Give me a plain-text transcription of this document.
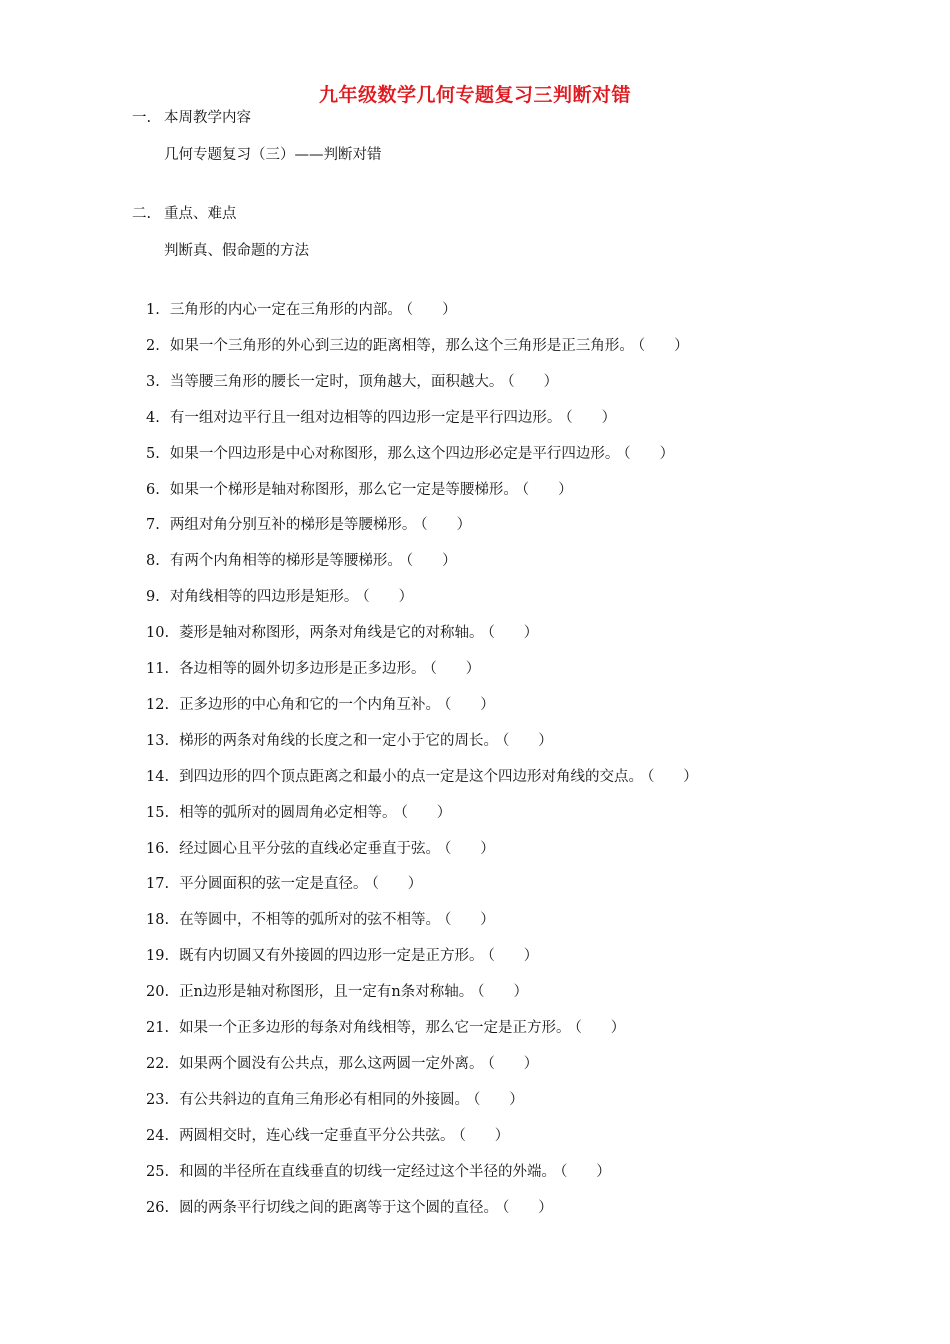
九年级数学几何专题复习三判断对错
一. 本周教学内容
几何专题复习（三）——判断对错
二. 重点、难点
判断真、假命题的方法
1. 三角形的内心一定在三角形的内部。 （　　）
2. 如果一个三角形的外心到三边的距离相等，那么这个三角形是正三角形。 （　　）
3. 当等腰三角形的腰长一定时，顶角越大，面积越大。 （　　）
4. 有一组对边平行且一组对边相等的四边形一定是平行四边形。 （　　）
5. 如果一个四边形是中心对称图形，那么这个四边形必定是平行四边形。 （　　）
6. 如果一个梯形是轴对称图形，那么它一定是等腰梯形。 （　　）
7. 两组对角分别互补的梯形是等腰梯形。 （　　）
8. 有两个内角相等的梯形是等腰梯形。 （　　）
9. 对角线相等的四边形是矩形。 （　　）
10. 菱形是轴对称图形，两条对角线是它的对称轴。 （　　）
11. 各边相等的圆外切多边形是正多边形。 （　　）
12. 正多边形的中心角和它的一个内角互补。 （　　）
13. 梯形的两条对角线的长度之和一定小于它的周长。 （　　）
14. 到四边形的四个顶点距离之和最小的点一定是这个四边形对角线的交点。 （　　）
15. 相等的弧所对的圆周角必定相等。 （　　）
16. 经过圆心且平分弦的直线必定垂直于弦。 （　　）
17. 平分圆面积的弦一定是直径。 （　　）
18. 在等圆中，不相等的弧所对的弦不相等。 （　　）
19. 既有内切圆又有外接圆的四边形一定是正方形。 （　　）
20. 正n边形是轴对称图形，且一定有n条对称轴。 （　　）
21. 如果一个正多边形的每条对角线相等，那么它一定是正方形。 （　　）
22. 如果两个圆没有公共点，那么这两圆一定外离。 （　　）
23. 有公共斜边的直角三角形必有相同的外接圆。 （　　）
24. 两圆相交时，连心线一定垂直平分公共弦。 （　　）
25. 和圆的半径所在直线垂直的切线一定经过这个半径的外端。 （　　）
26. 圆的两条平行切线之间的距离等于这个圆的直径。 （　　）
